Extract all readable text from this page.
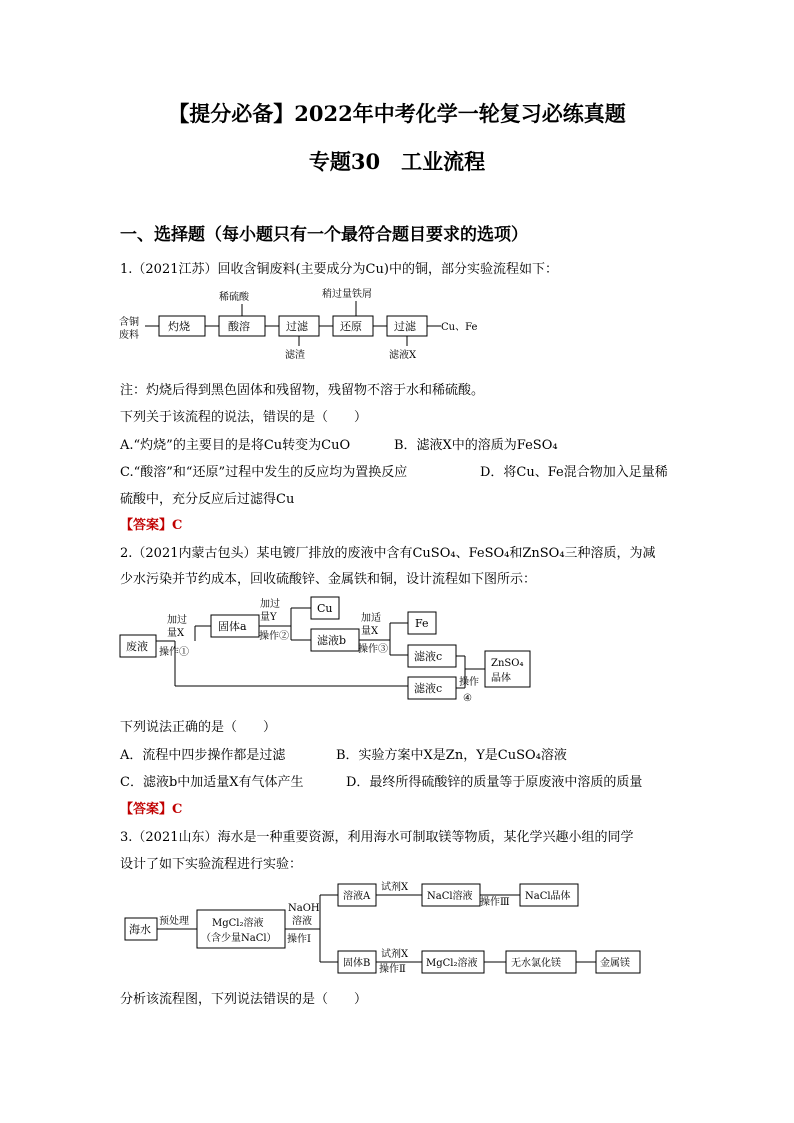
【提分必备】2022年中考化学一轮复习必练真题
专题30　工业流程
一、选择题（每小题只有一个最符合题目要求的选项）
1.（2021江苏）回收含铜废料(主要成分为Cu)中的铜，部分实验流程如下：
含铜
废料
灼烧
稀硫酸
酸溶	过滤
滤渣
稍过量铁屑
还原	过滤
滤液X
Cu、Fe
注：灼烧后得到黑色固体和残留物，残留物不溶于水和稀硫酸。
下列关于该流程的说法，错误的是（　　）
A.“灼烧”的主要目的是将Cu转变为CuO	B．滤液X中的溶质为FeSO₄
C.“酸溶”和“还原”过程中发生的反应均为置换反应	D．将Cu、Fe混合物加入足量稀
硫酸中，充分反应后过滤得Cu
【答案】C
2.（2021内蒙古包头）某电镀厂排放的废液中含有CuSO₄、FeSO₄和ZnSO₄三种溶质，为减
少水污染并节约成本，回收硫酸锌、金属铁和铜，设计流程如下图所示：
废液
加过
量X
操作①
固体a
加过
量Y
操作②
Cu
滤液b
加适
量X
操作③
Fe
滤液c
滤液c 操作
④
ZnSO₄
晶体
下列说法正确的是（　　）
A．流程中四步操作都是过滤	B．实验方案中X是Zn，Y是CuSO₄溶液
C．滤液b中加适量X有气体产生	D．最终所得硫酸锌的质量等于原废液中溶质的质量
【答案】C
3.（2021山东）海水是一种重要资源，利用海水可制取镁等物质，某化学兴趣小组的同学
设计了如下实验流程进行实验：
海水
预处理 MgCl₂溶液
（含少量NaCl）
NaOH
溶液
操作Ⅰ
溶液A
试剂X
NaCl溶液
操作Ⅲ
NaCl晶体
固体B
试剂X
操作Ⅱ
MgCl₂溶液	无水氯化镁	金属镁
分析该流程图，下列说法错误的是（　　）
